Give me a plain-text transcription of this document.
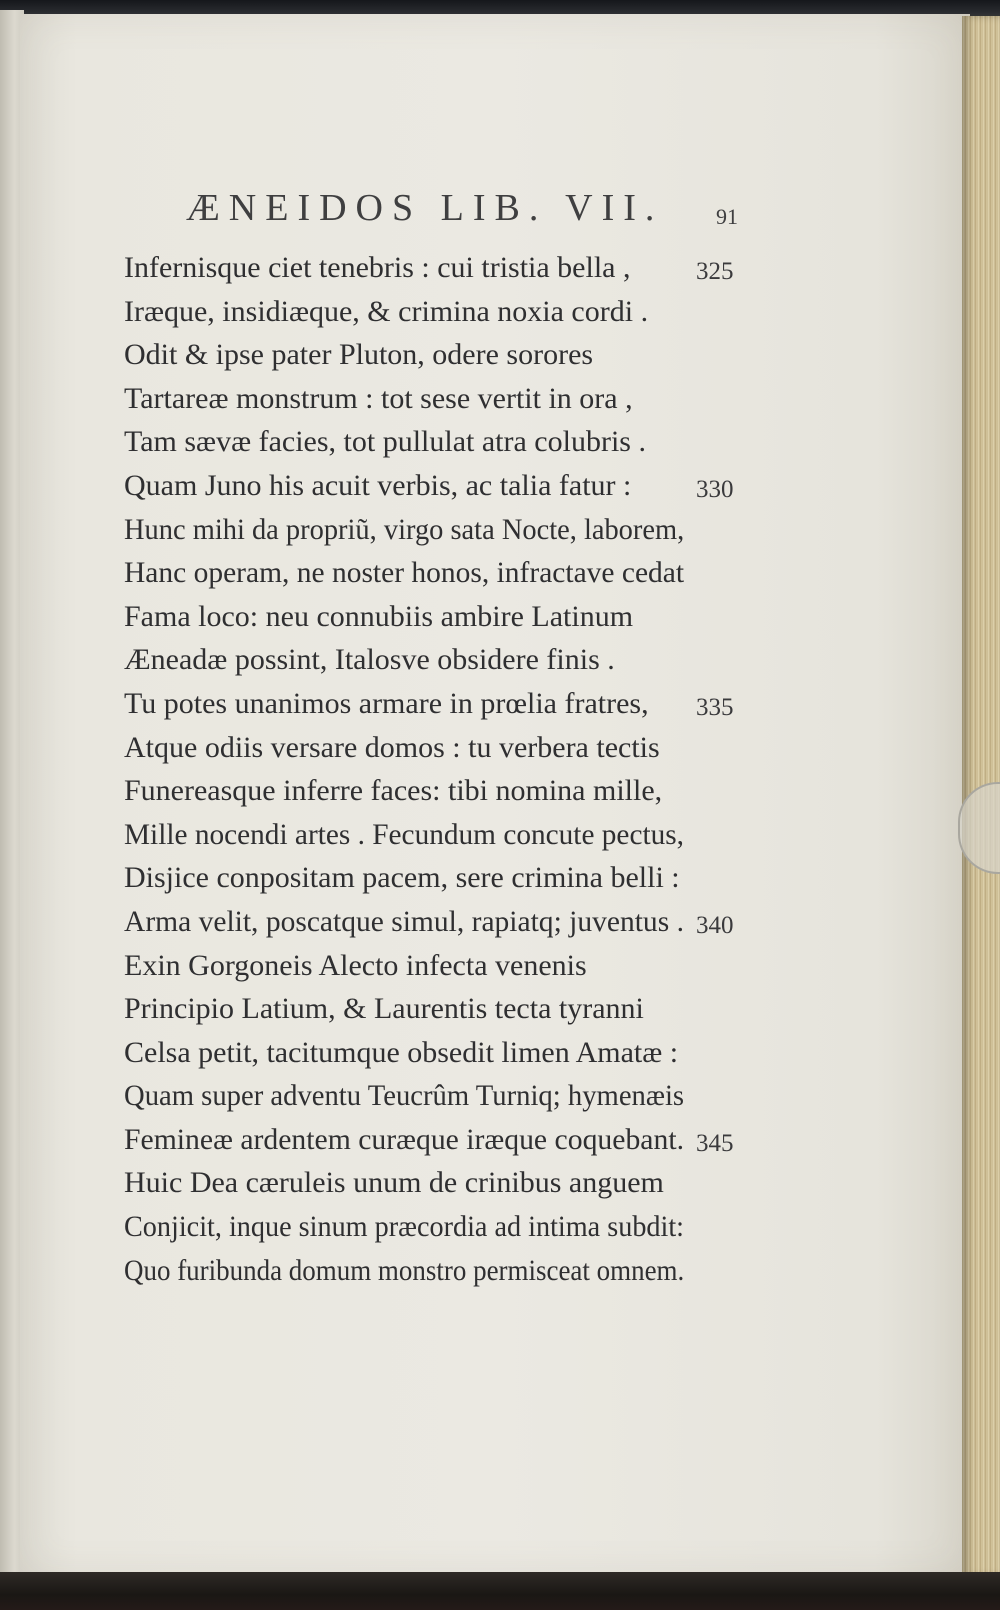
ÆNEIDOS LIB. VII. 91
Infernisque ciet tenebris : cui tristia bella ,	325
Iræque, insidiæque, & crimina noxia cordi .
Odit & ipse pater Pluton, odere sorores
Tartareæ monstrum : tot sese vertit in ora ,
Tam sævæ facies, tot pullulat atra colubris .
Quam Juno his acuit verbis, ac talia fatur :	330
Hunc mihi da propriũ, virgo sata Nocte, laborem,
Hanc operam, ne noster honos, infractave cedat
Fama loco: neu connubiis ambire Latinum
Æneadæ possint, Italosve obsidere finis .
Tu potes unanimos armare in prœlia fratres, 335
Atque odiis versare domos : tu verbera tectis
Funereasque inferre faces: tibi nomina mille,
Mille nocendi artes . Fecundum concute pectus,
Disjice conpositam pacem, sere crimina belli :
Arma velit, poscatque simul, rapiatq; juventus . 340
Exin Gorgoneis Alecto infecta venenis
Principio Latium, & Laurentis tecta tyranni
Celsa petit, tacitumque obsedit limen Amatæ :
Quam super adventu Teucrûm Turniq; hymenæis
Femineæ ardentem curæque iræque coquebant. 345
Huic Dea cæruleis unum de crinibus anguem
Conjicit, inque sinum præcordia ad intima subdit:
Quo furibunda domum monstro permisceat omnem.
